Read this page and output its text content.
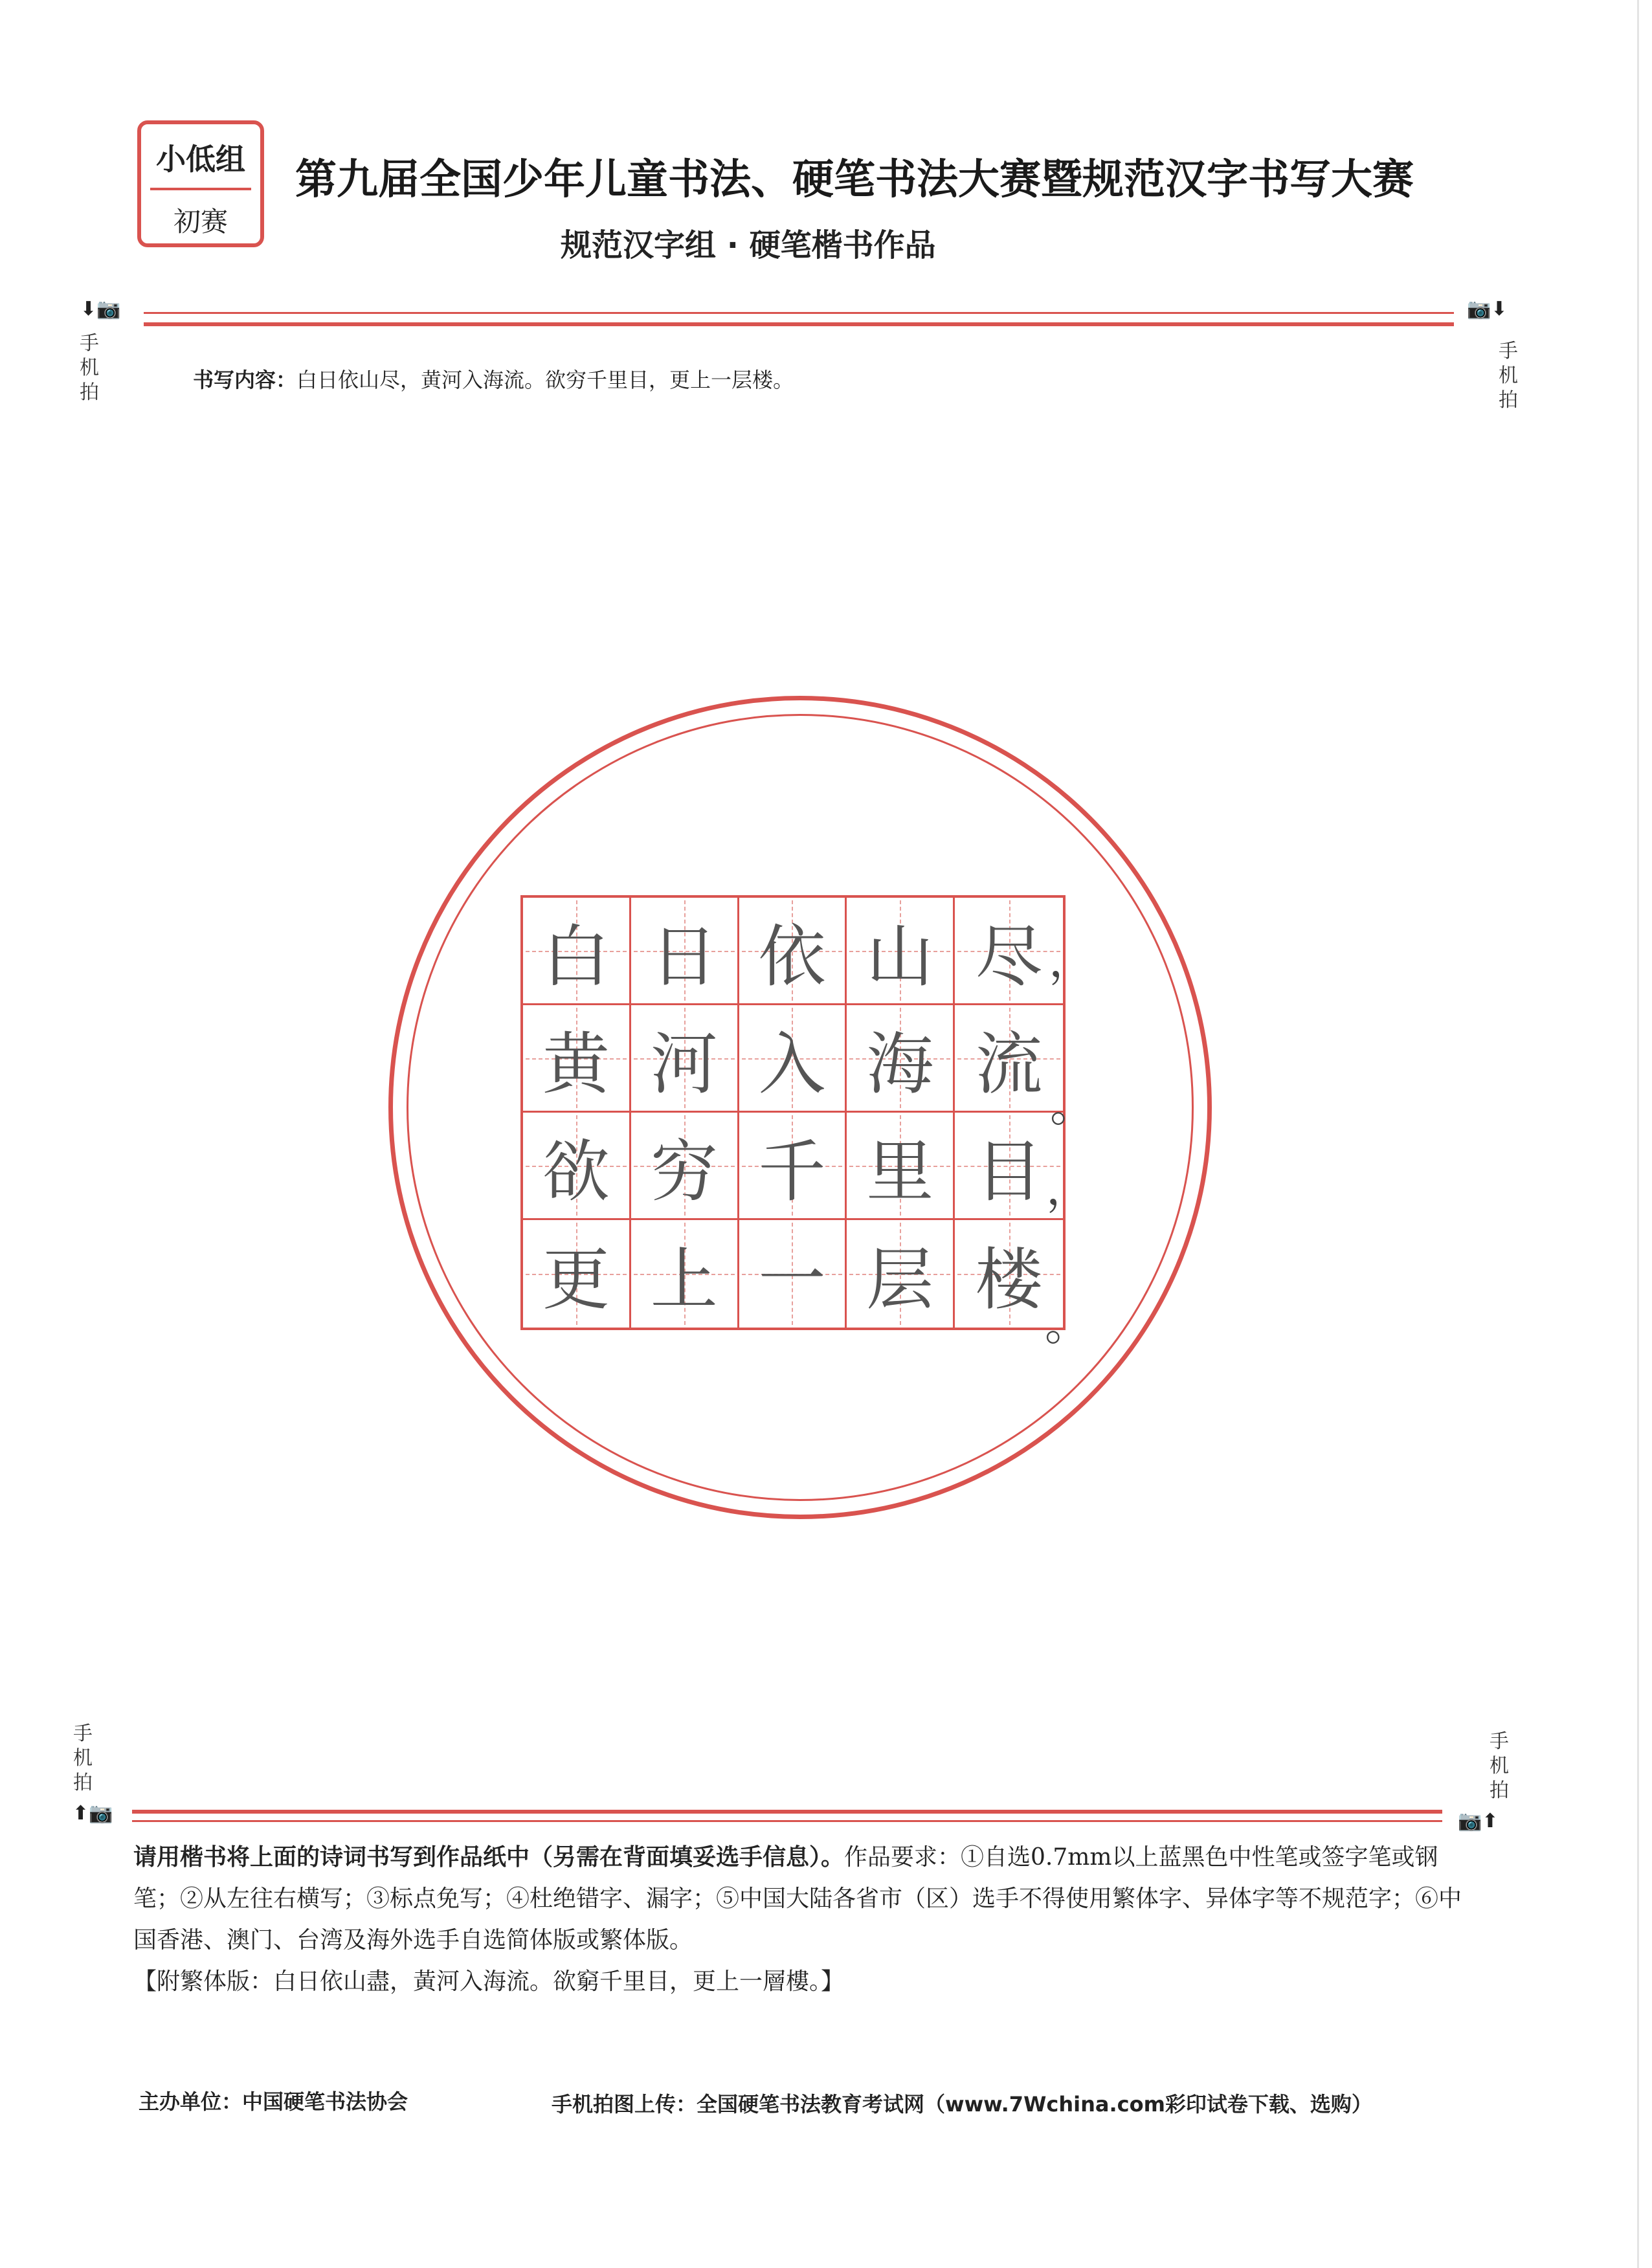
小低组
初赛
第九届全国少年儿童书法、硬笔书法大赛暨规范汉字书写大赛
规范汉字组 · 硬笔楷书作品
⬇📷
手机拍
📷⬇
手机拍
书写内容：白日依山尽，黄河入海流。欲穷千里目，更上一层楼。
白 日 依 山 尽
黄 河 入 海 流
欲 穷 千 里 目
更 上 一 层 楼
，
。
，
。
手机拍
⬆📷
手机拍
📷⬆
请用楷书将上面的诗词书写到作品纸中（另需在背面填妥选手信息）。作品要求：①自选0.7mm以上蓝黑色中性笔或签字笔或钢笔；②从左往右横写；③标点免写；④杜绝错字、漏字；⑤中国大陆各省市（区）选手不得使用繁体字、异体字等不规范字；⑥中国香港、澳门、台湾及海外选手自选简体版或繁体版。
【附繁体版：白日依山盡，黃河入海流。欲窮千里目，更上一層樓。】
主办单位：中国硬笔书法协会	手机拍图上传：全国硬笔书法教育考试网（www.7Wchina.com彩印试卷下载、选购）
